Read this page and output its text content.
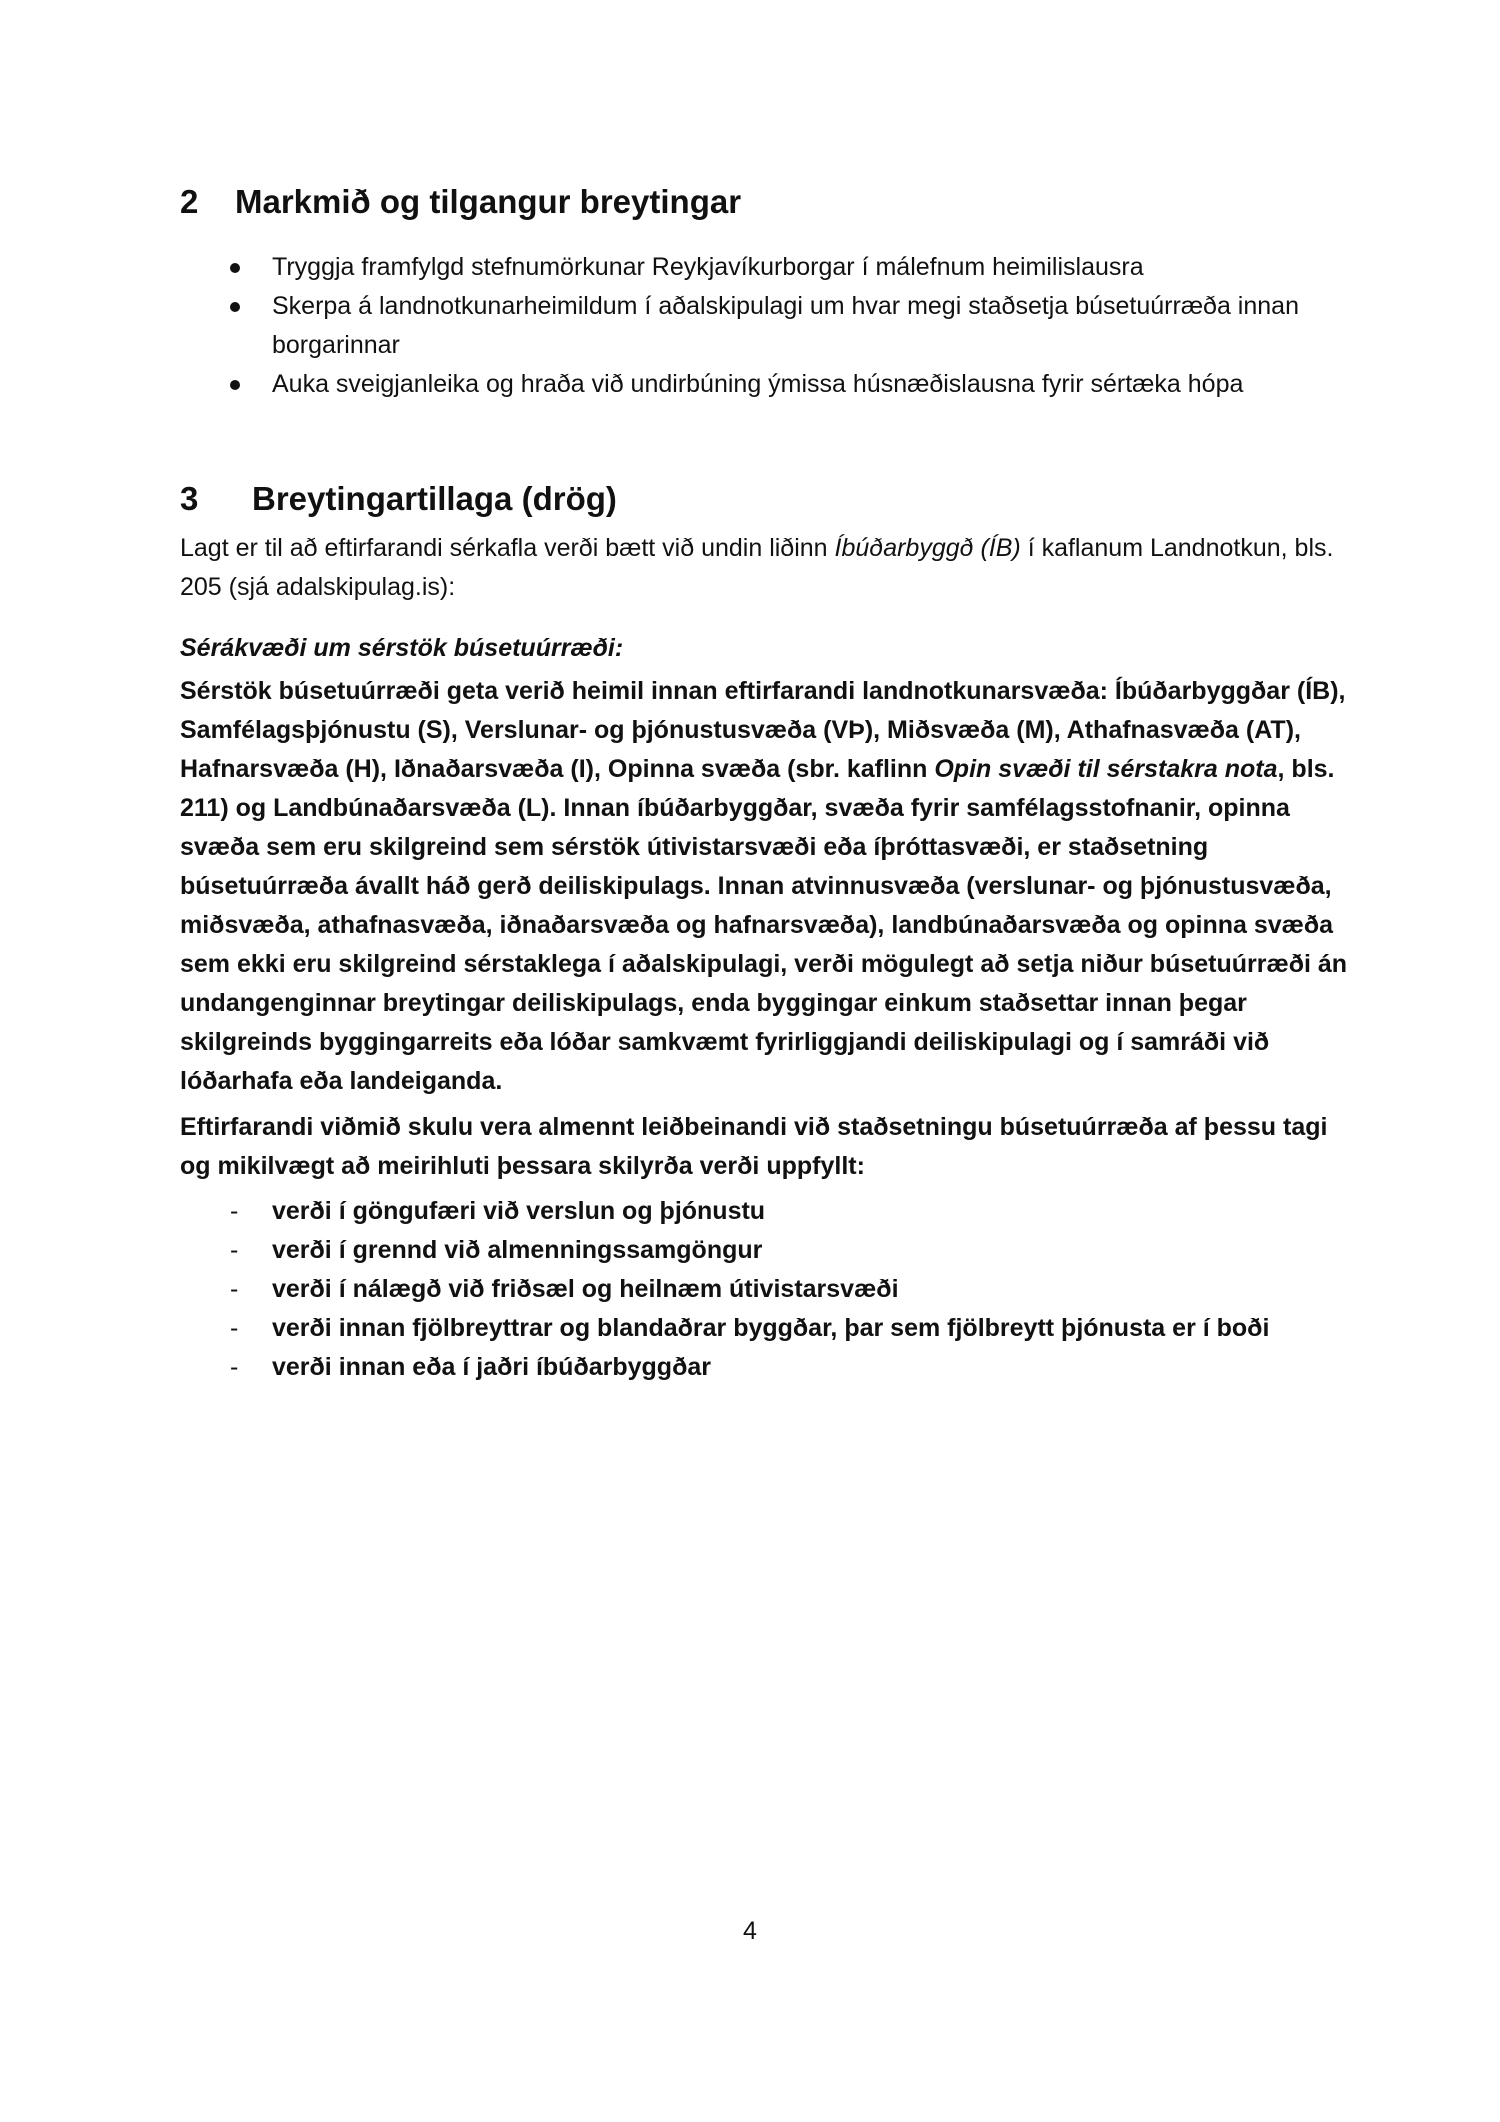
2	Markmið og tilgangur breytingar
Tryggja framfylgd stefnumörkunar Reykjavíkurborgar í málefnum heimilislausra
Skerpa á landnotkunarheimildum í aðalskipulagi um hvar megi staðsetja búsetuúrræða innan borgarinnar
Auka sveigjanleika og hraða við undirbúning ýmissa húsnæðislausna fyrir sértæka hópa
3	Breytingartillaga (drög)

Lagt er til að eftirfarandi sérkafla verði bætt við undin liðinn Íbúðarbyggð (ÍB) í kaflanum Landnotkun, bls. 205 (sjá adalskipulag.is):

Sérákvæði um sérstök búsetuúrræði:

Sérstök búsetuúrræði geta verið heimil innan eftirfarandi landnotkunarsvæða: Íbúðarbyggðar (ÍB), Samfélagsþjónustu (S), Verslunar- og þjónustusvæða (VÞ), Miðsvæða (M), Athafnasvæða (AT), Hafnarsvæða (H), Iðnaðarsvæða (I), Opinna svæða (sbr. kaflinn Opin svæði til sérstakra nota, bls. 211) og Landbúnaðarsvæða (L). Innan íbúðarbyggðar, svæða fyrir samfélagsstofnanir, opinna svæða sem eru skilgreind sem sérstök útivistarsvæði eða íþróttasvæði, er staðsetning búsetuúrræða ávallt háð gerð deiliskipulags. Innan atvinnusvæða (verslunar- og þjónustusvæða, miðsvæða, athafnasvæða, iðnaðarsvæða og hafnarsvæða), landbúnaðarsvæða og opinna svæða sem ekki eru skilgreind sérstaklega í aðalskipulagi, verði mögulegt að setja niður búsetuúrræði án undangenginnar breytingar deiliskipulags, enda byggingar einkum staðsettar innan þegar skilgreinds byggingarreits eða lóðar samkvæmt fyrirliggjandi deiliskipulagi og í samráði við lóðarhafa eða landeiganda.

Eftirfarandi viðmið skulu vera almennt leiðbeinandi við staðsetningu búsetuúrræða af þessu tagi og mikilvægt að meirihluti þessara skilyrða verði uppfyllt:

- verði í göngufæri við verslun og þjónustu
- verði í grennd við almenningssamgöngur
- verði í nálægð við friðsæl og heilnæm útivistarsvæði
- verði innan fjölbreyttrar og blandaðrar byggðar, þar sem fjölbreytt þjónusta er í boði
- verði innan eða í jaðri íbúðarbyggðar
4
